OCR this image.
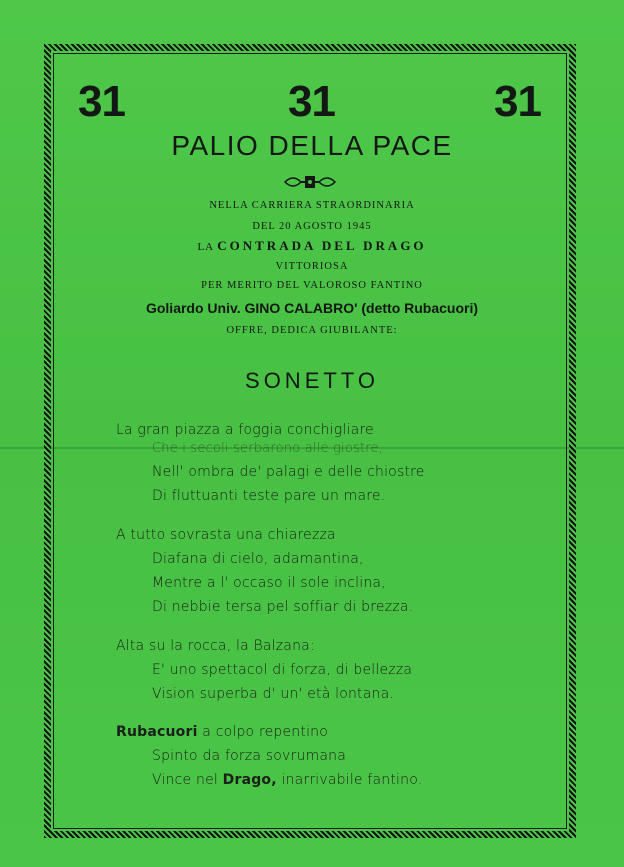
31	31	31
PALIO DELLA PACE
NELLA CARRIERA STRAORDINARIA
DEL 20 AGOSTO 1945
LA CONTRADA DEL DRAGO
VITTORIOSA
PER MERITO DEL VALOROSO FANTINO
Goliardo Univ. GINO CALABRO' (detto Rubacuori)
OFFRE, DEDICA GIUBILANTE:
SONETTO
La gran piazza a foggia conchigliare
Che i secoli serbarono alle giostre,
Nell' ombra de' palagi e delle chiostre
Di fluttuanti teste pare un mare.
A tutto sovrasta una chiarezza
Diafana di cielo, adamantina,
Mentre a l' occaso il sole inclina,
Di nebbie tersa pel soffiar di brezza.
Alta su la rocca, la Balzana:
E' uno spettacol di forza, di bellezza
Vision superba d' un' età lontana.
Rubacuori a colpo repentino
Spinto da forza sovrumana
Vince nel Drago, inarrivabile fantino.
